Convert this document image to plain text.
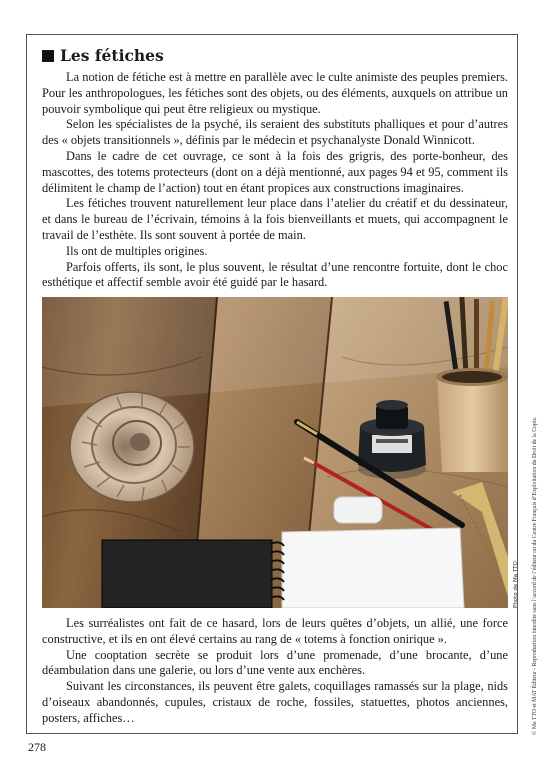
Les fétiches

La notion de fétiche est à mettre en parallèle avec le culte animiste des peuples premiers. Pour les anthropologues, les fétiches sont des objets, ou des éléments, auxquels on attribue un pouvoir symbolique qui peut être religieux ou mystique.

Selon les spécialistes de la psyché, ils seraient des substituts phalliques et pour d’autres des « objets transitionnels », définis par le médecin et psychanalyste Donald Winnicott.

Dans le cadre de cet ouvrage, ce sont à la fois des grigris, des porte-bonheur, des mascottes, des totems protecteurs (dont on a déjà mentionné, aux pages 94 et 95, comment ils délimitent le champ de l’action) tout en étant propices aux constructions imaginaires.

Les fétiches trouvent naturellement leur place dans l’atelier du créatif et du dessinateur, et dans le bureau de l’écrivain, témoins à la fois bienveillants et muets, qui accompagnent le travail de l’esthète. Ils sont souvent à portée de main.

Ils ont de multiples origines.

Parfois offerts, ils sont, le plus souvent, le résultat d’une rencontre fortuite, dont le choc esthétique et affectif semble avoir été guidé par le hasard.

Photo de Ma TTO

Les surréalistes ont fait de ce hasard, lors de leurs quêtes d’objets, un allié, une force constructive, et ils en ont élevé certains au rang de « totems à fonction onirique ».

Une cooptation secrète se produit lors d’une promenade, d’une brocante, d’une déambulation dans une galerie, ou lors d’une vente aux enchères.

Suivant les circonstances, ils peuvent être galets, coquillages ramassés sur la plage, nids d’oiseaux abandonnés, cupules, cristaux de roche, fossiles, statuettes, photos anciennes, posters, affiches…	© Ma TTO et MAT Éditeur - Reproduction interdite sans l’accord de l’éditeur ou du Centre Français d’Exploitation du Droit de la Copie.
278
